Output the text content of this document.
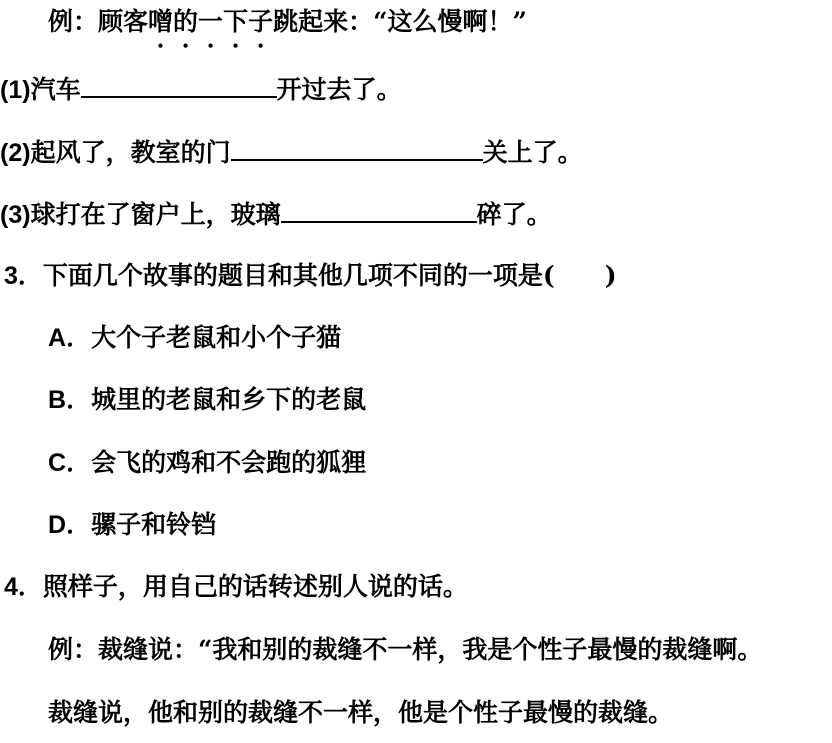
例：顾客噌的一下子跳起来：“这么慢啊！”
(1)汽车	开过去了。
(2)起风了，教室的门	关上了。
(3)球打在了窗户上，玻璃	碎了。
3．下面几个故事的题目和其他几项不同的一项是( )
A．大个子老鼠和小个子猫
B．城里的老鼠和乡下的老鼠
C．会飞的鸡和不会跑的狐狸
D．骡子和铃铛
4．照样子，用自己的话转述别人说的话。
例：裁缝说：“我和别的裁缝不一样，我是个性子最慢的裁缝啊。
裁缝说，他和别的裁缝不一样，他是个性子最慢的裁缝。
